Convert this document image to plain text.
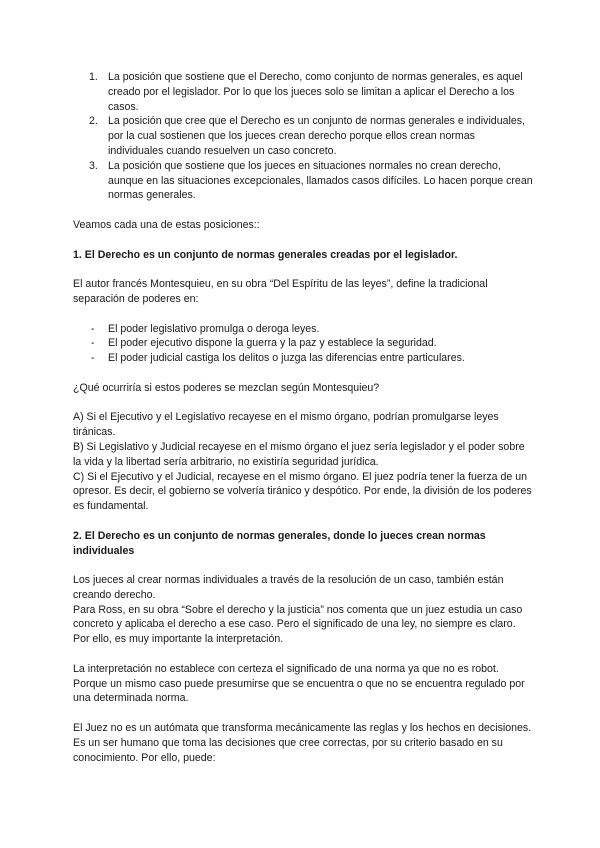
1. La posición que sostiene que el Derecho, como conjunto de normas generales, es aquel creado por el legislador. Por lo que los jueces solo se limitan a aplicar el Derecho a los casos.
2. La posición que cree que el Derecho es un conjunto de normas generales e individuales, por la cual sostienen que los jueces crean derecho porque ellos crean normas individuales cuando resuelven un caso concreto.
3. La posición que sostiene que los jueces en situaciones normales no crean derecho, aunque en las situaciones excepcionales, llamados casos difíciles. Lo hacen porque crean normas generales.

Veamos cada una de estas posiciones::

1. El Derecho es un conjunto de normas generales creadas por el legislador.

El autor francés Montesquieu, en su obra “Del Espíritu de las leyes”, define la tradicional separación de poderes en:

- El poder legislativo promulga o deroga leyes.
- El poder ejecutivo dispone la guerra y la paz y establece la seguridad.
- El poder judicial castiga los delitos o juzga las diferencias entre particulares.

¿Qué ocurriría si estos poderes se mezclan según Montesquieu?

A) Si el Ejecutivo y el Legislativo recayese en el mismo órgano, podrían promulgarse leyes tiránicas.

B) Si Legislativo y Judicial recayese en el mismo órgano el juez sería legislador y el poder sobre la vida y la libertad sería arbitrario, no existiría seguridad jurídica.

C) Si el Ejecutivo y el Judicial, recayese en el mismo órgano. El juez podría tener la fuerza de un opresor. Es decir, el gobierno se volvería tiránico y despótico. Por ende, la división de los poderes es fundamental.

2. El Derecho es un conjunto de normas generales, donde lo jueces crean normas individuales

Los jueces al crear normas individuales a través de la resolución de un caso, también están creando derecho.

Para Ross, en su obra “Sobre el derecho y la justicia” nos comenta que un juez estudia un caso concreto y aplicaba el derecho a ese caso. Pero el significado de una ley, no siempre es claro. Por ello, es muy importante la interpretación.

La interpretación no establece con certeza el significado de una norma ya que no es robot. Porque un mismo caso puede presumirse que se encuentra o que no se encuentra regulado por una determinada norma.

El Juez no es un autómata que transforma mecánicamente las reglas y los hechos en decisiones. Es un ser humano que toma las decisiones que cree correctas, por su criterio basado en su conocimiento. Por ello, puede:
